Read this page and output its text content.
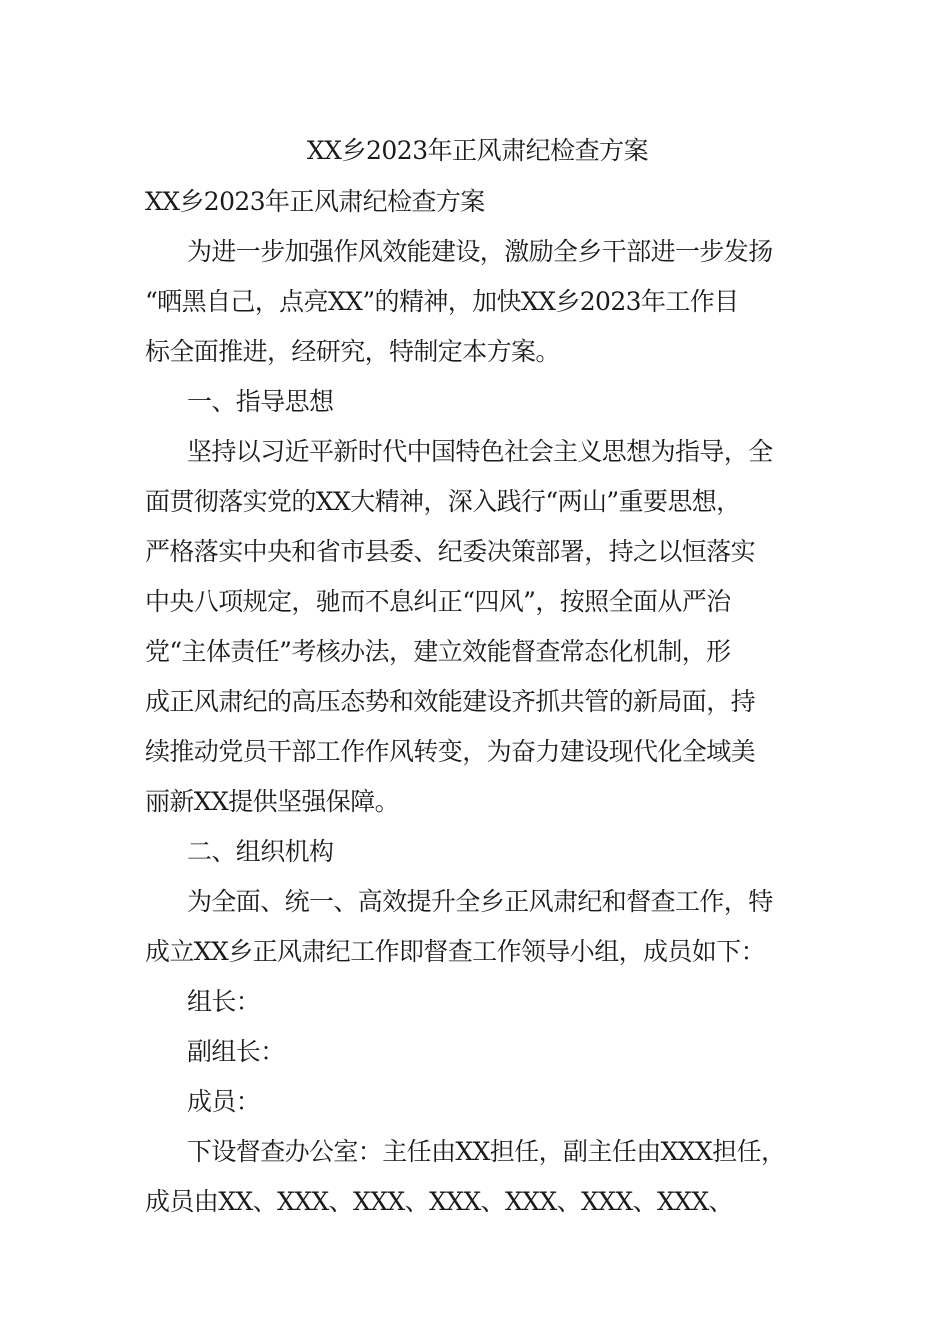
XX乡2023年正风肃纪检查方案

XX乡2023年正风肃纪检查方案

为进一步加强作风效能建设，激励全乡干部进一步发扬

“晒黑自己，点亮XX”的精神，加快XX乡2023年工作目

标全面推进，经研究，特制定本方案。

一、指导思想

坚持以习近平新时代中国特色社会主义思想为指导，全

面贯彻落实党的XX大精神，深入践行“两山”重要思想，

严格落实中央和省市县委、纪委决策部署，持之以恒落实

中央八项规定，驰而不息纠正“四风”，按照全面从严治

党“主体责任”考核办法，建立效能督查常态化机制，形

成正风肃纪的高压态势和效能建设齐抓共管的新局面，持

续推动党员干部工作作风转变，为奋力建设现代化全域美

丽新XX提供坚强保障。

二、组织机构

为全面、统一、高效提升全乡正风肃纪和督查工作，特

成立XX乡正风肃纪工作即督查工作领导小组，成员如下：

组长：

副组长：

成员：

下设督查办公室：主任由XX担任，副主任由XXX担任，

成员由XX、XXX、XXX、XXX、XXX、XXX、XXX、
